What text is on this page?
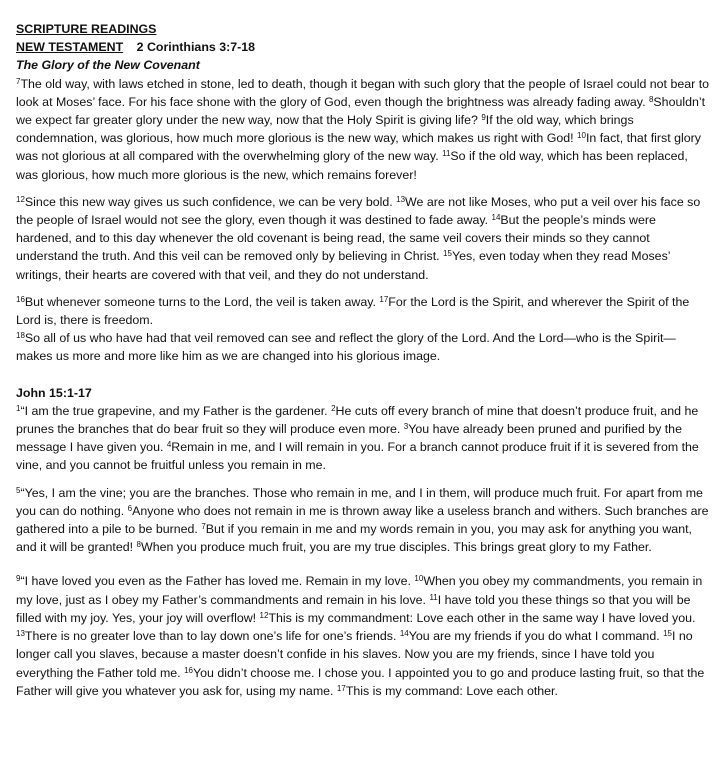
SCRIPTURE READINGS
NEW TESTAMENT 2 Corinthians 3:7-18
The Glory of the New Covenant

$^7$The old way, with laws etched in stone, led to death, though it began with such glory that the people of Israel could not bear to look at Moses’ face. For his face shone with the glory of God, even though the brightness was already fading away. $^8$Shouldn’t we expect far greater glory under the new way, now that the Holy Spirit is giving life? $^9$If the old way, which brings condemnation, was glorious, how much more glorious is the new way, which makes us right with God! $^{10}$In fact, that first glory was not glorious at all compared with the overwhelming glory of the new way. $^{11}$So if the old way, which has been replaced, was glorious, how much more glorious is the new, which remains forever!

$^{12}$Since this new way gives us such confidence, we can be very bold. $^{13}$We are not like Moses, who put a veil over his face so the people of Israel would not see the glory, even though it was destined to fade away. $^{14}$But the people’s minds were hardened, and to this day whenever the old covenant is being read, the same veil covers their minds so they cannot understand the truth. And this veil can be removed only by believing in Christ. $^{15}$Yes, even today when they read Moses’ writings, their hearts are covered with that veil, and they do not understand.

$^{16}$But whenever someone turns to the Lord, the veil is taken away. $^{17}$For the Lord is the Spirit, and wherever the Spirit of the Lord is, there is freedom.

$^{18}$So all of us who have had that veil removed can see and reflect the glory of the Lord. And the Lord—who is the Spirit—makes us more and more like him as we are changed into his glorious image.

John 15:1-17

$^1$“I am the true grapevine, and my Father is the gardener. $^2$He cuts off every branch of mine that doesn’t produce fruit, and he prunes the branches that do bear fruit so they will produce even more. $^3$You have already been pruned and purified by the message I have given you. $^4$Remain in me, and I will remain in you. For a branch cannot produce fruit if it is severed from the vine, and you cannot be fruitful unless you remain in me.

$^5$“Yes, I am the vine; you are the branches. Those who remain in me, and I in them, will produce much fruit. For apart from me you can do nothing. $^6$Anyone who does not remain in me is thrown away like a useless branch and withers. Such branches are gathered into a pile to be burned. $^7$But if you remain in me and my words remain in you, you may ask for anything you want, and it will be granted! $^8$When you produce much fruit, you are my true disciples. This brings great glory to my Father.

$^9$“I have loved you even as the Father has loved me. Remain in my love. $^{10}$When you obey my commandments, you remain in my love, just as I obey my Father’s commandments and remain in his love. $^{11}$I have told you these things so that you will be filled with my joy. Yes, your joy will overflow! $^{12}$This is my commandment: Love each other in the same way I have loved you. $^{13}$There is no greater love than to lay down one’s life for one’s friends. $^{14}$You are my friends if you do what I command. $^{15}$I no longer call you slaves, because a master doesn’t confide in his slaves. Now you are my friends, since I have told you everything the Father told me. $^{16}$You didn’t choose me. I chose you. I appointed you to go and produce lasting fruit, so that the Father will give you whatever you ask for, using my name. $^{17}$This is my command: Love each other.
